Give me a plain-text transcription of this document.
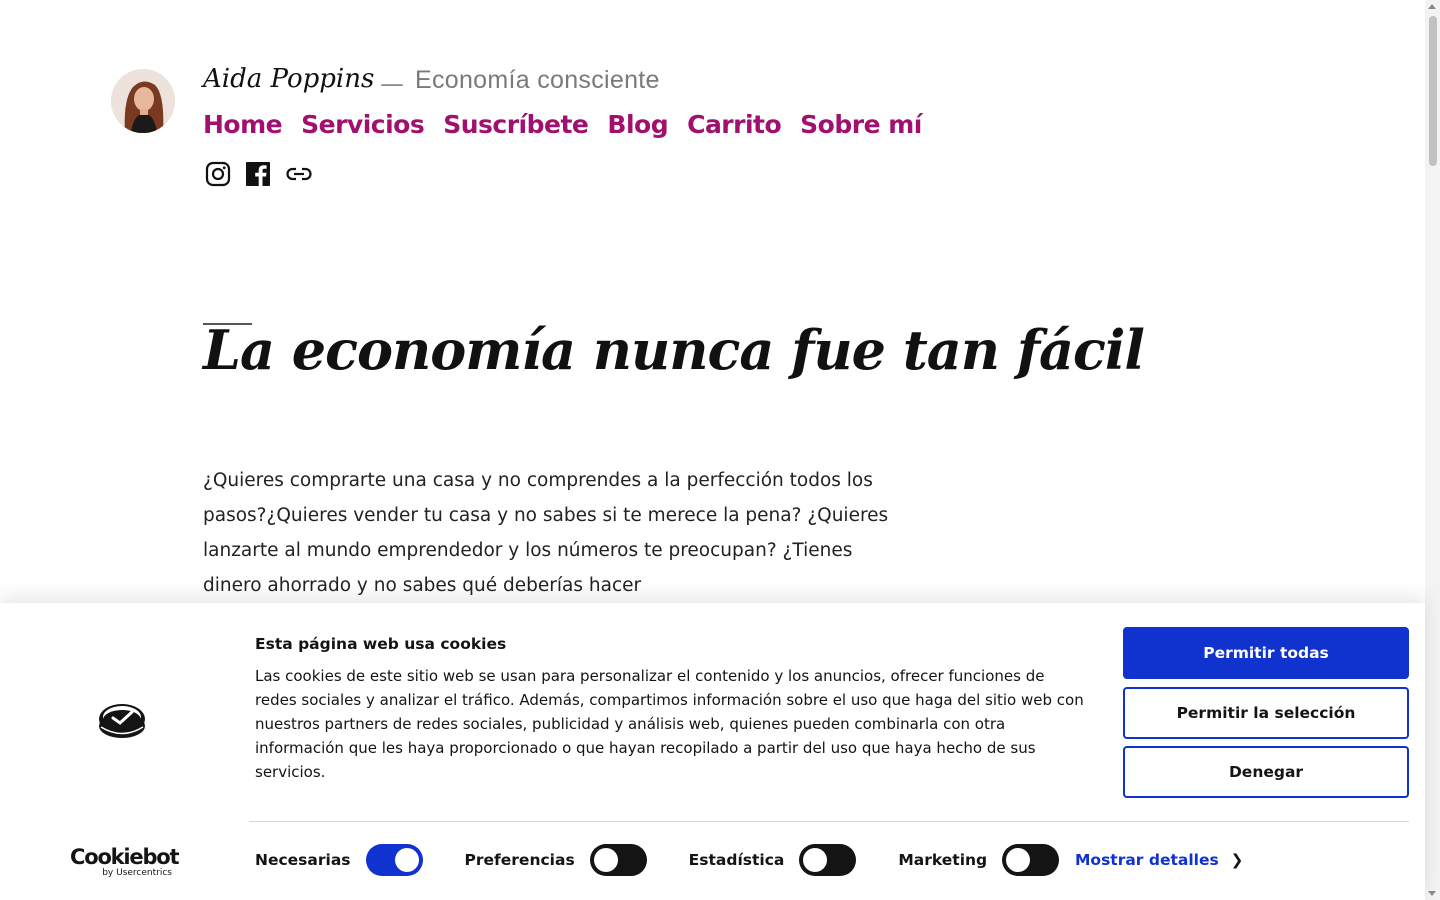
Aida Poppins — Economía consciente
Home Servicios Suscríbete Blog Carrito Sobre mí
La economía nunca fue tan fácil

¿Quieres comprarte una casa y no comprendes a la perfección todos los pasos?¿Quieres vender tu casa y no sabes si te merece la pena? ¿Quieres lanzarte al mundo emprendedor y los números te preocupan? ¿Tienes dinero ahorrado y no sabes qué deberías hacer

Cookiebot
by Usercentrics
Esta página web usa cookies
Las cookies de este sitio web se usan para personalizar el contenido y los anuncios, ofrecer funciones de redes sociales y analizar el tráfico. Además, compartimos información sobre el uso que haga del sitio web con nuestros partners de redes sociales, publicidad y análisis web, quienes pueden combinarla con otra información que les haya proporcionado o que hayan recopilado a partir del uso que haya hecho de sus servicios.
Permitir todas
Permitir la selección
Denegar
Necesarias	Preferencias	Estadística	Marketing	Mostrar detalles ❯
